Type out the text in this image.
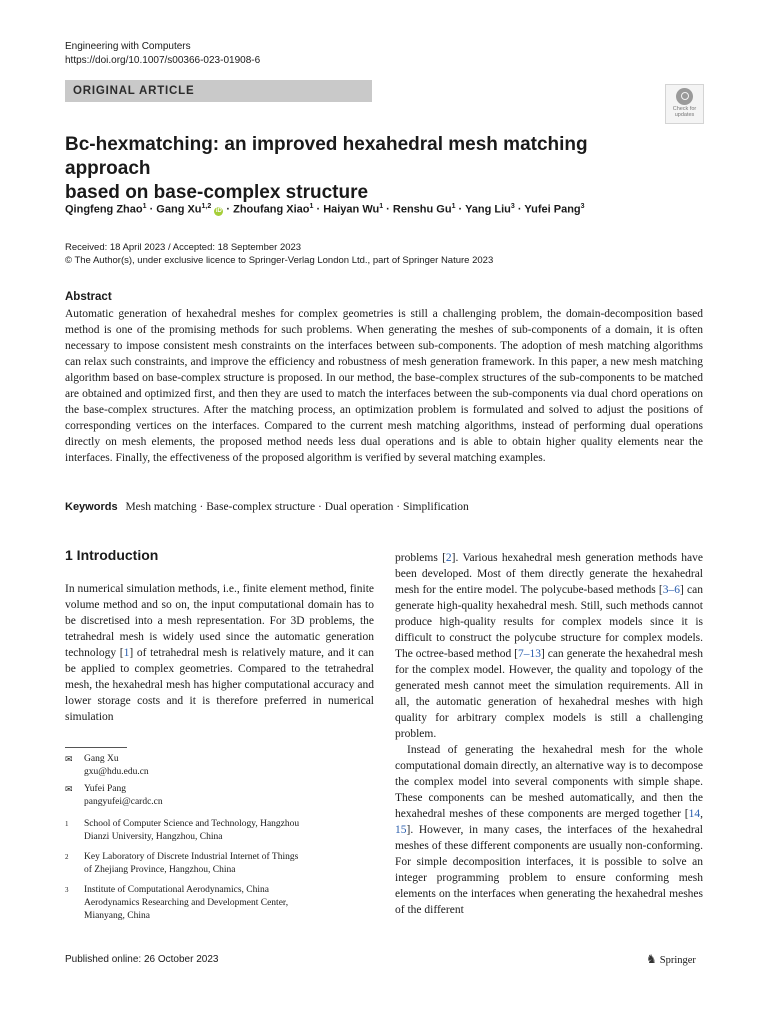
Engineering with Computers
https://doi.org/10.1007/s00366-023-01908-6
ORIGINAL ARTICLE
Check for
updates
Bc-hexmatching: an improved hexahedral mesh matching approach
based on base-complex structure
Qingfeng Zhao$^1$ · Gang Xu$^{1,2}$ iD · Zhoufang Xiao$^1$ · Haiyan $Wu^1$ · Renshu $Gu^1$ · Yang Liu$^3$ · Yufei Pang$^3$
Received: 18 April 2023 / Accepted: 18 September 2023
© The Author(s), under exclusive licence to Springer-Verlag London Ltd., part of Springer Nature 2023
Abstract
Automatic generation of hexahedral meshes for complex geometries is still a challenging problem, the domain-decomposition based method is one of the promising methods for such problems. When generating the meshes of sub-components of a domain, it is often necessary to impose consistent mesh constraints on the interfaces between sub-components. The adoption of mesh matching algorithms can relax such constraints, and improve the efficiency and robustness of mesh generation framework. In this paper, a new mesh matching algorithm based on base-complex structure is proposed. In our method, the base-complex structures of the sub-components to be matched are obtained and optimized first, and then they are used to match the interfaces between the sub-components via dual chord operations on the base-complex structures. After the matching process, an optimization problem is formulated and solved to adjust the positions of corresponding vertices on the interfaces. Compared to the current mesh matching algorithms, instead of performing dual operations directly on mesh elements, the proposed method needs less dual operations and is able to obtain higher quality elements near the interfaces. Finally, the effectiveness of the proposed algorithm is verified by several matching examples.
Keywords Mesh matching · Base-complex structure · Dual operation · Simplification
1 Introduction
In numerical simulation methods, i.e., finite element method, finite volume method and so on, the input computational domain has to be discretised into a mesh representation. For 3D problems, the tetrahedral mesh is widely used since the automatic generation technology [1] of tetrahedral mesh is relatively mature, and it can be applied to complex geometries. Compared to the tetrahedral mesh, the hexahedral mesh has higher computational accuracy and lower storage costs and it is therefore preferred in numerical simulation

problems [2]. Various hexahedral mesh generation methods have been developed. Most of them directly generate the hexahedral mesh for the entire model. The polycube-based methods [3–6] can generate high-quality hexahedral mesh. Still, such methods cannot produce high-quality results for complex models since it is difficult to construct the polycube structure for complex models. The octree-based method [7–13] can generate the hexahedral mesh for the complex model. However, the quality and topology of the generated mesh cannot meet the simulation requirements. All in all, the automatic generation of hexahedral meshes with high quality for arbitrary complex models is still a challenging problem.

Instead of generating the hexahedral mesh for the whole computational domain directly, an alternative way is to decompose the complex model into several components with simple shape. These components can be meshed automatically, and then the hexahedral meshes of these components are merged together [14, 15]. However, in many cases, the interfaces of the hexahedral meshes of these different components are usually non-conforming. For simple decomposition interfaces, it is possible to solve an integer programming problem to ensure conforming mesh elements on the interfaces when generating the hexahedral meshes of the different

✉	Gang Xu
gxu@hdu.edu.cn
✉	Yufei Pang
pangyufei@cardc.cn
1	School of Computer Science and Technology, Hangzhou
Dianzi University, Hangzhou, China
2	Key Laboratory of Discrete Industrial Internet of Things
of Zhejiang Province, Hangzhou, China
3	Institute of Computational Aerodynamics, China
Aerodynamics Researching and Development Center,
Mianyang, China
Published online: 26 October 2023	♞ Springer
